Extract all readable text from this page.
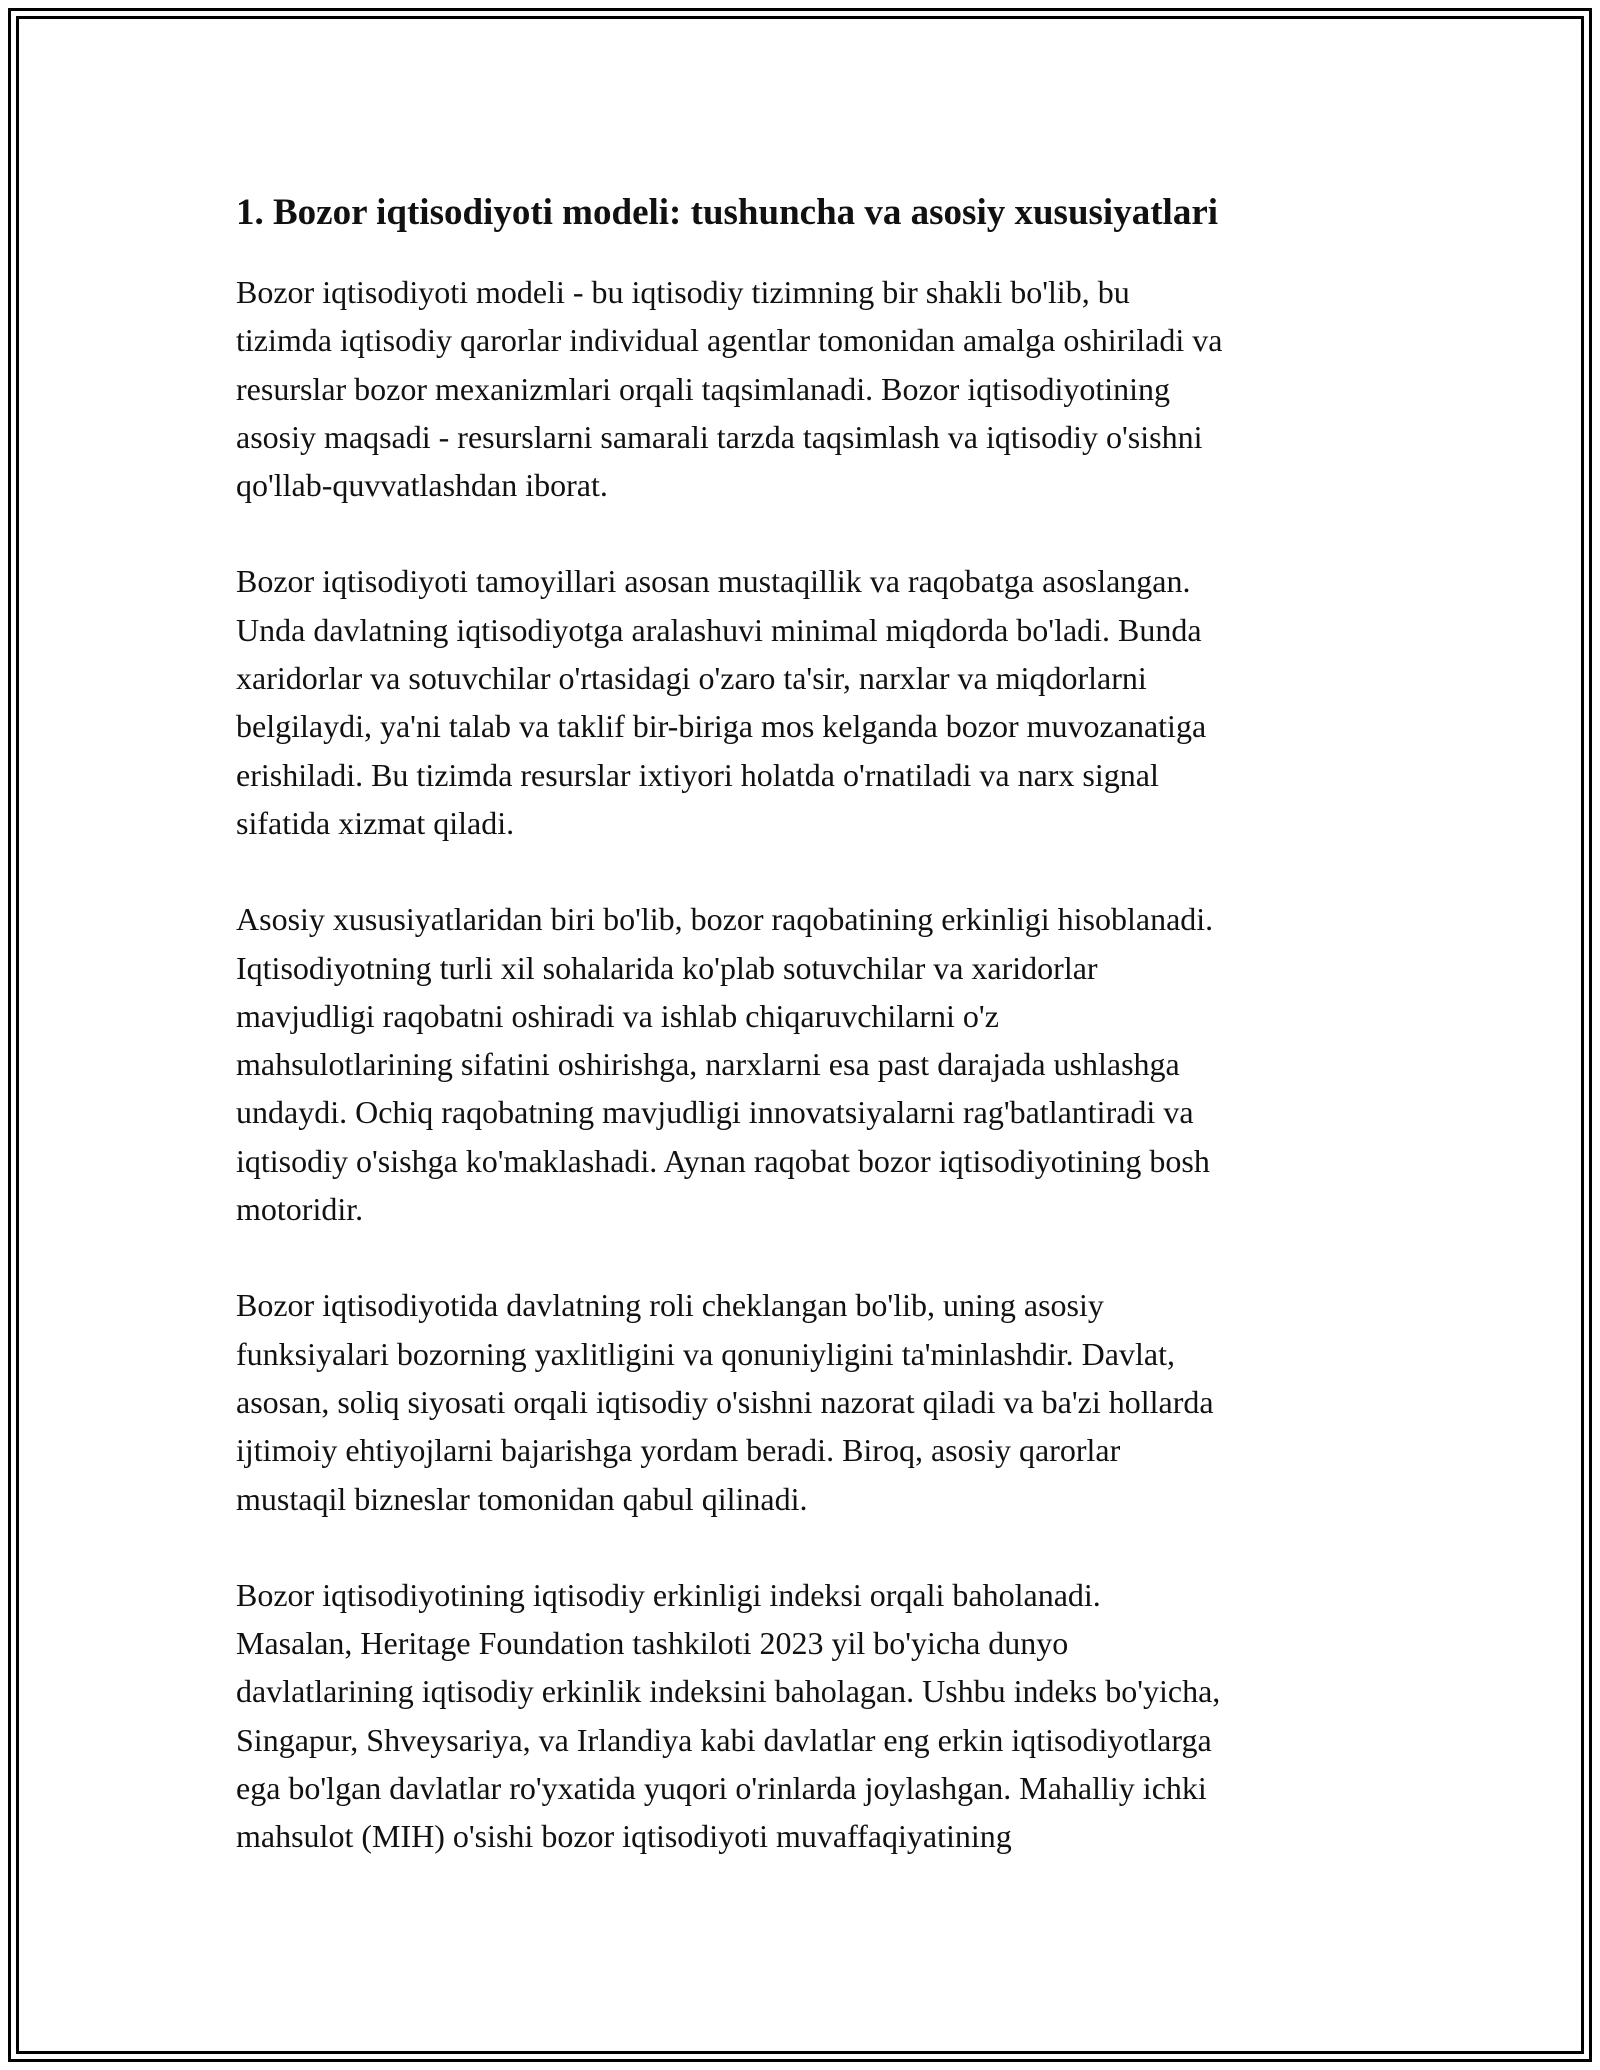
1. Bozor iqtisodiyoti modeli: tushuncha va asosiy xususiyatlari

Bozor iqtisodiyoti modeli - bu iqtisodiy tizimning bir shakli bo'lib, bu
tizimda iqtisodiy qarorlar individual agentlar tomonidan amalga oshiriladi va
resurslar bozor mexanizmlari orqali taqsimlanadi. Bozor iqtisodiyotining
asosiy maqsadi - resurslarni samarali tarzda taqsimlash va iqtisodiy o'sishni
qo'llab-quvvatlashdan iborat.

Bozor iqtisodiyoti tamoyillari asosan mustaqillik va raqobatga asoslangan.
Unda davlatning iqtisodiyotga aralashuvi minimal miqdorda bo'ladi. Bunda
xaridorlar va sotuvchilar o'rtasidagi o'zaro ta'sir, narxlar va miqdorlarni
belgilaydi, ya'ni talab va taklif bir-biriga mos kelganda bozor muvozanatiga
erishiladi. Bu tizimda resurslar ixtiyori holatda o'rnatiladi va narx signal
sifatida xizmat qiladi.

Asosiy xususiyatlaridan biri bo'lib, bozor raqobatining erkinligi hisoblanadi.
Iqtisodiyotning turli xil sohalarida ko'plab sotuvchilar va xaridorlar
mavjudligi raqobatni oshiradi va ishlab chiqaruvchilarni o'z
mahsulotlarining sifatini oshirishga, narxlarni esa past darajada ushlashga
undaydi. Ochiq raqobatning mavjudligi innovatsiyalarni rag'batlantiradi va
iqtisodiy o'sishga ko'maklashadi. Aynan raqobat bozor iqtisodiyotining bosh
motoridir.

Bozor iqtisodiyotida davlatning roli cheklangan bo'lib, uning asosiy
funksiyalari bozorning yaxlitligini va qonuniyligini ta'minlashdir. Davlat,
asosan, soliq siyosati orqali iqtisodiy o'sishni nazorat qiladi va ba'zi hollarda
ijtimoiy ehtiyojlarni bajarishga yordam beradi. Biroq, asosiy qarorlar
mustaqil bizneslar tomonidan qabul qilinadi.

Bozor iqtisodiyotining iqtisodiy erkinligi indeksi orqali baholanadi.
Masalan, Heritage Foundation tashkiloti 2023 yil bo'yicha dunyo
davlatlarining iqtisodiy erkinlik indeksini baholagan. Ushbu indeks bo'yicha,
Singapur, Shveysariya, va Irlandiya kabi davlatlar eng erkin iqtisodiyotlarga
ega bo'lgan davlatlar ro'yxatida yuqori o'rinlarda joylashgan. Mahalliy ichki
mahsulot (MIH) o'sishi bozor iqtisodiyoti muvaffaqiyatining
